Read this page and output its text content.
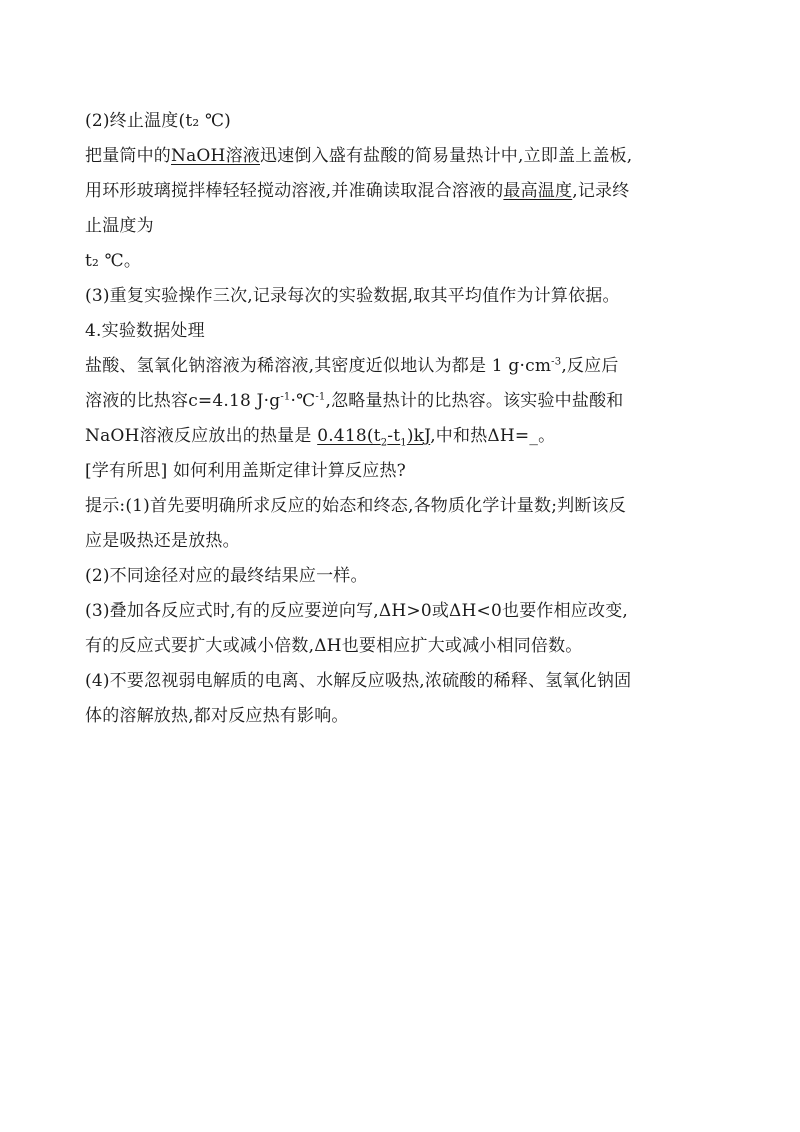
(2)终止温度(t₂ ℃)
把量筒中的NaOH溶液迅速倒入盛有盐酸的简易量热计中,立即盖上盖板,
用环形玻璃搅拌棒轻轻搅动溶液,并准确读取混合溶液的最高温度,记录终
止温度为
t₂ ℃。
(3)重复实验操作三次,记录每次的实验数据,取其平均值作为计算依据。
4.实验数据处理
盐酸、氢氧化钠溶液为稀溶液,其密度近似地认为都是 1 $g\cdot cm^{-3}$,反应后
溶液的比热容c=4.18 $J\cdot g^{-1}\cdot℃^{-1}$,忽略量热计的比热容。该实验中盐酸和
NaOH溶液反应放出的热量是 $0.418(t_2-t_1)kJ$,中和热ΔH=_。
[学有所思] 如何利用盖斯定律计算反应热?
提示:(1)首先要明确所求反应的始态和终态,各物质化学计量数;判断该反
应是吸热还是放热。
(2)不同途径对应的最终结果应一样。
(3)叠加各反应式时,有的反应要逆向写,ΔH>0或ΔH<0也要作相应改变,
有的反应式要扩大或减小倍数,ΔH也要相应扩大或减小相同倍数。
(4)不要忽视弱电解质的电离、水解反应吸热,浓硫酸的稀释、氢氧化钠固
体的溶解放热,都对反应热有影响。
